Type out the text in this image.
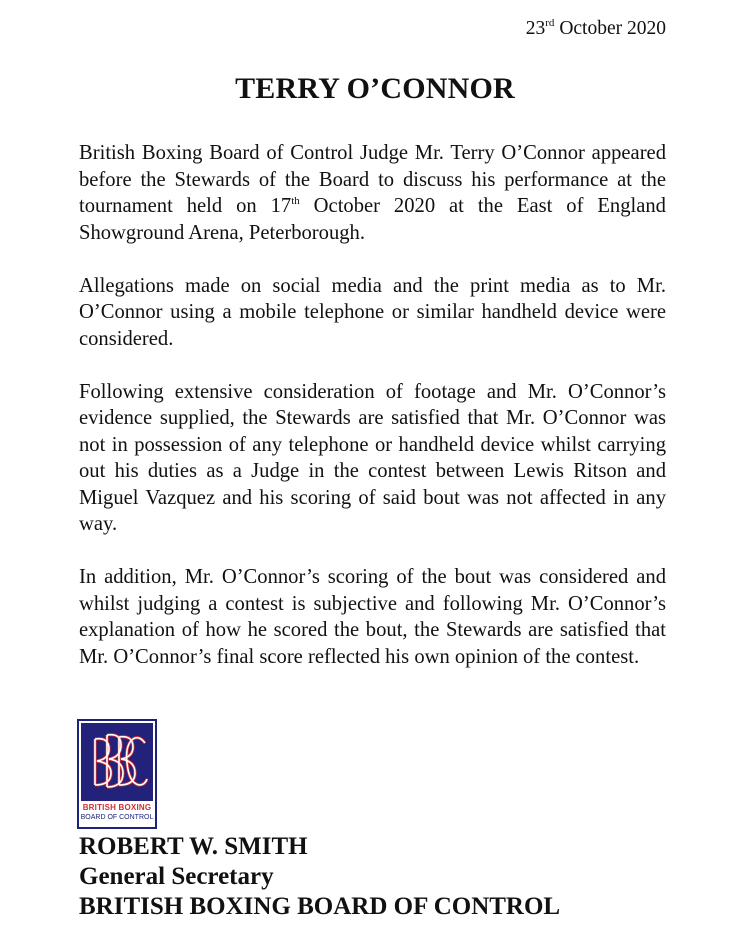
23rd October 2020
TERRY O’CONNOR

British Boxing Board of Control Judge Mr. Terry O’Connor appeared before the Stewards of the Board to discuss his performance at the tournament held on 17th October 2020 at the East of England Showground Arena, Peterborough.

Allegations made on social media and the print media as to Mr. O’Connor using a mobile telephone or similar handheld device were considered.

Following extensive consideration of footage and Mr. O’Connor’s evidence supplied, the Stewards are satisfied that Mr. O’Connor was not in possession of any telephone or handheld device whilst carrying out his duties as a Judge in the contest between Lewis Ritson and Miguel Vazquez and his scoring of said bout was not affected in any way.

In addition, Mr. O’Connor’s scoring of the bout was considered and whilst judging a contest is subjective and following Mr. O’Connor’s explanation of how he scored the bout, the Stewards are satisfied that Mr. O’Connor’s final score reflected his own opinion of the contest.

BRITISH BOXING
BOARD OF CONTROL
ROBERT W. SMITH
General Secretary
BRITISH BOXING BOARD OF CONTROL
